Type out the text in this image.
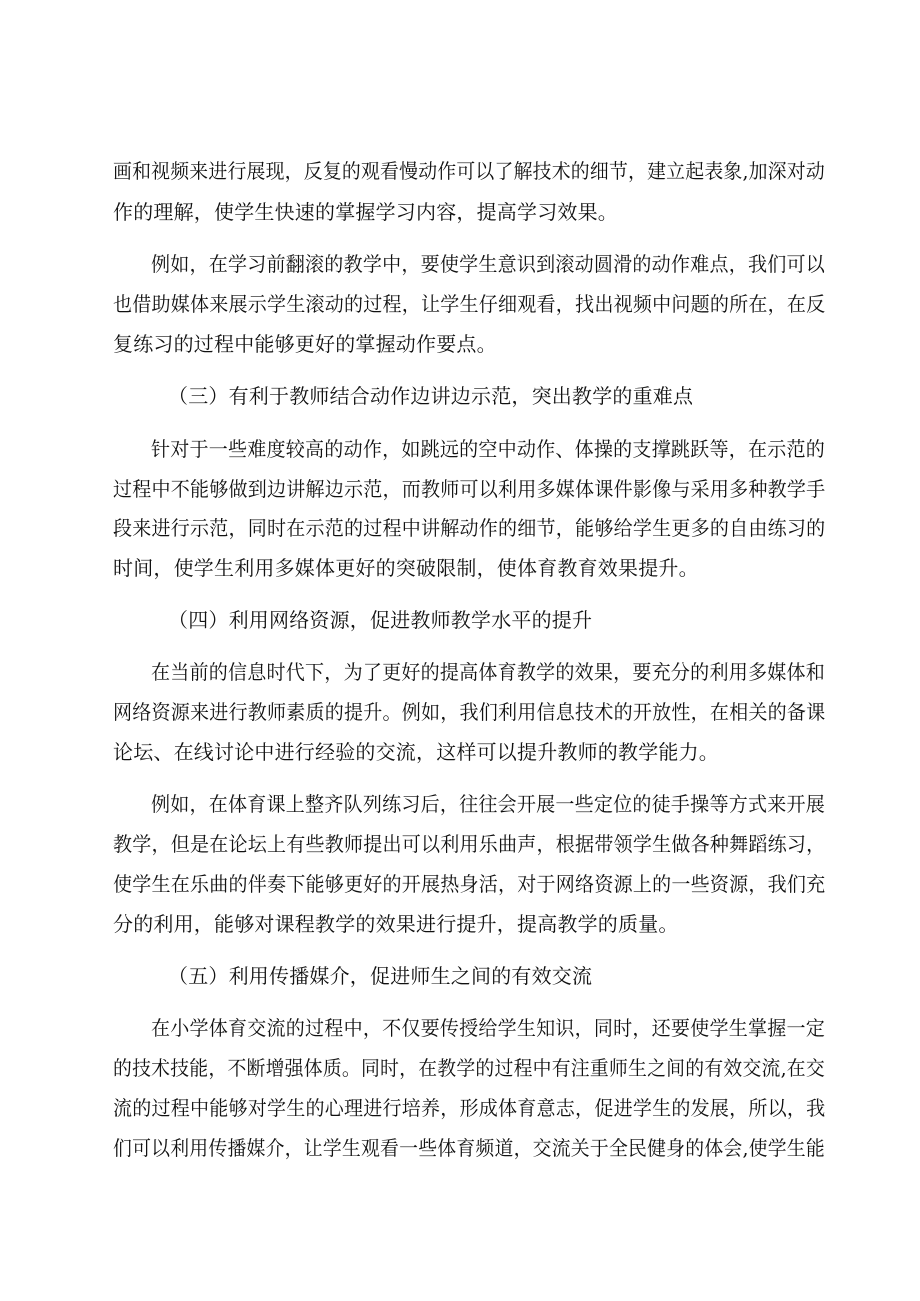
画和视频来进行展现，反复的观看慢动作可以了解技术的细节，建立起表象,加深对动
作的理解，使学生快速的掌握学习内容，提高学习效果。
例如，在学习前翻滚的教学中，要使学生意识到滚动圆滑的动作难点，我们可以
也借助媒体来展示学生滚动的过程，让学生仔细观看，找出视频中问题的所在，在反
复练习的过程中能够更好的掌握动作要点。
（三）有利于教师结合动作边讲边示范，突出教学的重难点
针对于一些难度较高的动作，如跳远的空中动作、体操的支撑跳跃等，在示范的
过程中不能够做到边讲解边示范，而教师可以利用多媒体课件影像与采用多种教学手
段来进行示范，同时在示范的过程中讲解动作的细节，能够给学生更多的自由练习的
时间，使学生利用多媒体更好的突破限制，使体育教育效果提升。
（四）利用网络资源，促进教师教学水平的提升
在当前的信息时代下，为了更好的提高体育教学的效果，要充分的利用多媒体和
网络资源来进行教师素质的提升。例如，我们利用信息技术的开放性，在相关的备课
论坛、在线讨论中进行经验的交流，这样可以提升教师的教学能力。
例如，在体育课上整齐队列练习后，往往会开展一些定位的徒手操等方式来开展
教学，但是在论坛上有些教师提出可以利用乐曲声，根据带领学生做各种舞蹈练习，
使学生在乐曲的伴奏下能够更好的开展热身活，对于网络资源上的一些资源，我们充
分的利用，能够对课程教学的效果进行提升，提高教学的质量。
（五）利用传播媒介，促进师生之间的有效交流
在小学体育交流的过程中，不仅要传授给学生知识，同时，还要使学生掌握一定
的技术技能，不断增强体质。同时，在教学的过程中有注重师生之间的有效交流,在交
流的过程中能够对学生的心理进行培养，形成体育意志，促进学生的发展，所以，我
们可以利用传播媒介，让学生观看一些体育频道，交流关于全民健身的体会,使学生能
